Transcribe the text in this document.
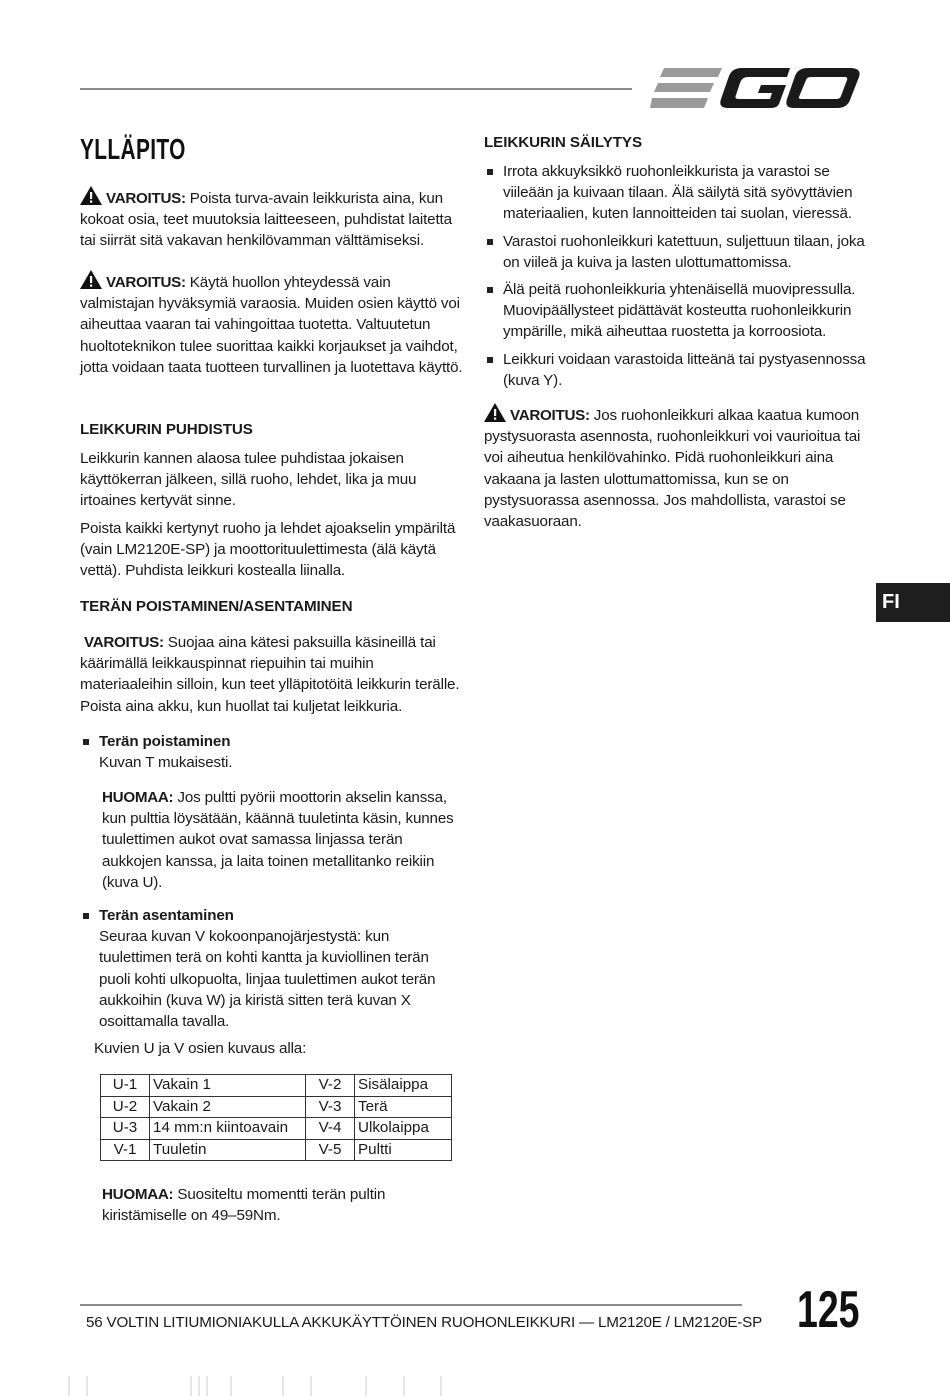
YLLÄPITO

VAROITUS: Poista turva-avain leikkurista aina, kun kokoat osia, teet muutoksia laitteeseen, puhdistat laitetta tai siirrät sitä vakavan henkilövamman välttämiseksi.

VAROITUS: Käytä huollon yhteydessä vain valmistajan hyväksymiä varaosia. Muiden osien käyttö voi aiheuttaa vaaran tai vahingoittaa tuotetta. Valtuutetun huoltoteknikon tulee suorittaa kaikki korjaukset ja vaihdot, jotta voidaan taata tuotteen turvallinen ja luotettava käyttö.

LEIKKURIN PUHDISTUS

Leikkurin kannen alaosa tulee puhdistaa jokaisen käyttökerran jälkeen, sillä ruoho, lehdet, lika ja muu irtoaines kertyvät sinne.

Poista kaikki kertynyt ruoho ja lehdet ajoakselin ympäriltä (vain LM2120E-SP) ja moottorituulettimesta (älä käytä vettä). Puhdista leikkuri kostealla liinalla.

TERÄN POISTAMINEN/ASENTAMINEN

VAROITUS: Suojaa aina kätesi paksuilla käsineillä tai käärimällä leikkauspinnat riepuihin tai muihin materiaaleihin silloin, kun teet ylläpitotöitä leikkurin terälle. Poista aina akku, kun huollat tai kuljetat leikkuria.

Terän poistaminen
Kuvan T mukaisesti.

HUOMAA: Jos pultti pyörii moottorin akselin kanssa, kun pulttia löysätään, käännä tuuletinta käsin, kunnes tuulettimen aukot ovat samassa linjassa terän aukkojen kanssa, ja laita toinen metallitanko reikiin (kuva U).

Terän asentaminen
Seuraa kuvan V kokoonpanojärjestystä: kun tuulettimen terä on kohti kantta ja kuviollinen terän puoli kohti ulkopuolta, linjaa tuulettimen aukot terän aukkoihin (kuva W) ja kiristä sitten terä kuvan X osoittamalla tavalla.
Kuvien U ja V osien kuvaus alla:
U-1	Vakain 1	V-2	Sisälaippa
U-2	Vakain 2	V-3	Terä
U-3	14 mm:n kiintoavain	V-4	Ulkolaippa
V-1	Tuuletin	V-5	Pultti

HUOMAA: Suositeltu momentti terän pultin kiristämiselle on 49–59Nm.

LEIKKURIN SÄILYTYS
Irrota akkuyksikkö ruohonleikkurista ja varastoi se viileään ja kuivaan tilaan. Älä säilytä sitä syövyttävien materiaalien, kuten lannoitteiden tai suolan, vieressä.
Varastoi ruohonleikkuri katettuun, suljettuun tilaan, joka on viileä ja kuiva ja lasten ulottumattomissa.
Älä peitä ruohonleikkuria yhtenäisellä muovipressulla. Muovipäällysteet pidättävät kosteutta ruohonleikkurin ympärille, mikä aiheuttaa ruostetta ja korroosiota.
Leikkuri voidaan varastoida litteänä tai pystyasennossa (kuva Y).

VAROITUS: Jos ruohonleikkuri alkaa kaatua kumoon pystysuorasta asennosta, ruohonleikkuri voi vaurioitua tai voi aiheutua henkilövahinko. Pidä ruohonleikkuri aina vakaana ja lasten ulottumattomissa, kun se on pystysuorassa asennossa. Jos mahdollista, varastoi se vaakasuoraan.

FI
56 VOLTIN LITIUMIONIAKULLA AKKUKÄYTTÖINEN RUOHONLEIKKURI — LM2120E / LM2120E-SP 125
